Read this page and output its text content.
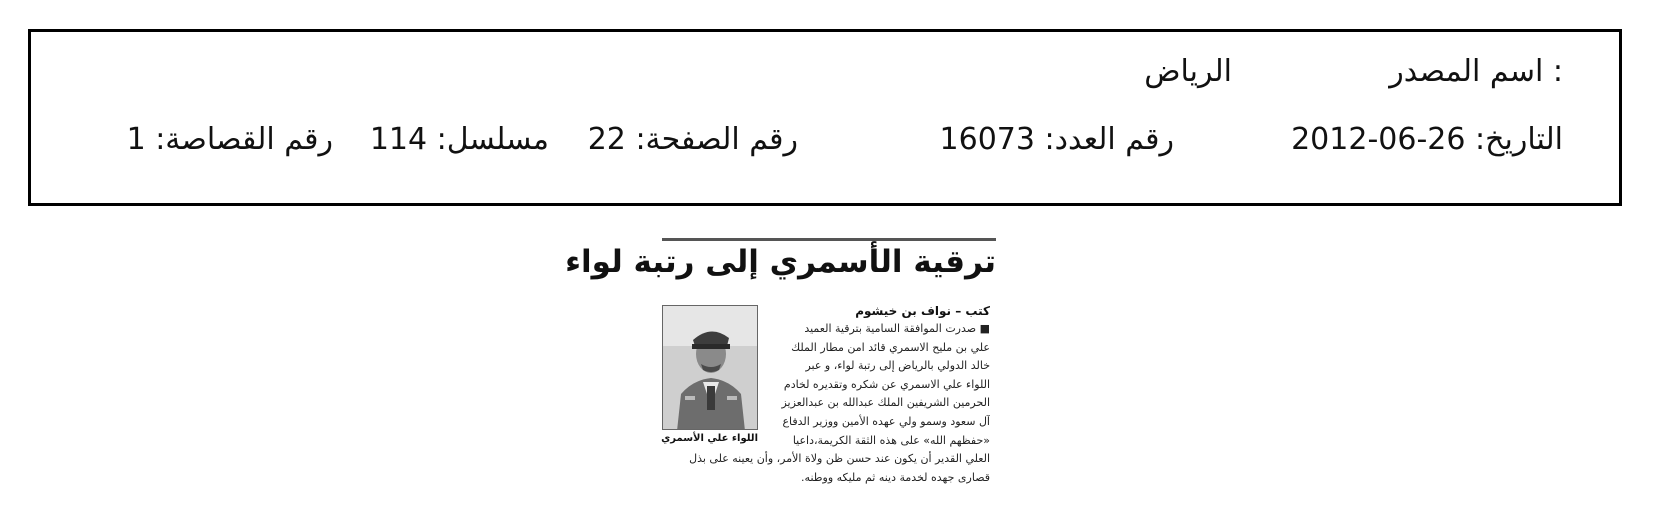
اسم المصدر :
الرياض
التاريخ: 26-06-2012
رقم العدد: 16073
رقم الصفحة: 22
مسلسل: 114
رقم القصاصة: 1
ترقية الأسمري إلى رتبة لواء
كتب – نواف بن خيشوم
اللواء علي الأسمري
■ صدرت الموافقة السامية بترقية العميد
علي بن مليح الاسمري قائد امن مطار الملك
خالد الدولي بالرياض إلى رتبة لواء، و عبر
اللواء علي الاسمري عن شكره وتقديره لخادم
الحرمين الشريفين الملك عبدالله بن عبدالعزيز
آل سعود وسمو ولي عهده الأمين ووزير الدفاع
«حفظهم الله» على هذه الثقة الكريمة،داعيا
العلي القدير أن يكون عند حسن ظن ولاة الأمر، وأن يعينه على بذل
قصارى جهده لخدمة دينه ثم مليكه ووطنه.
